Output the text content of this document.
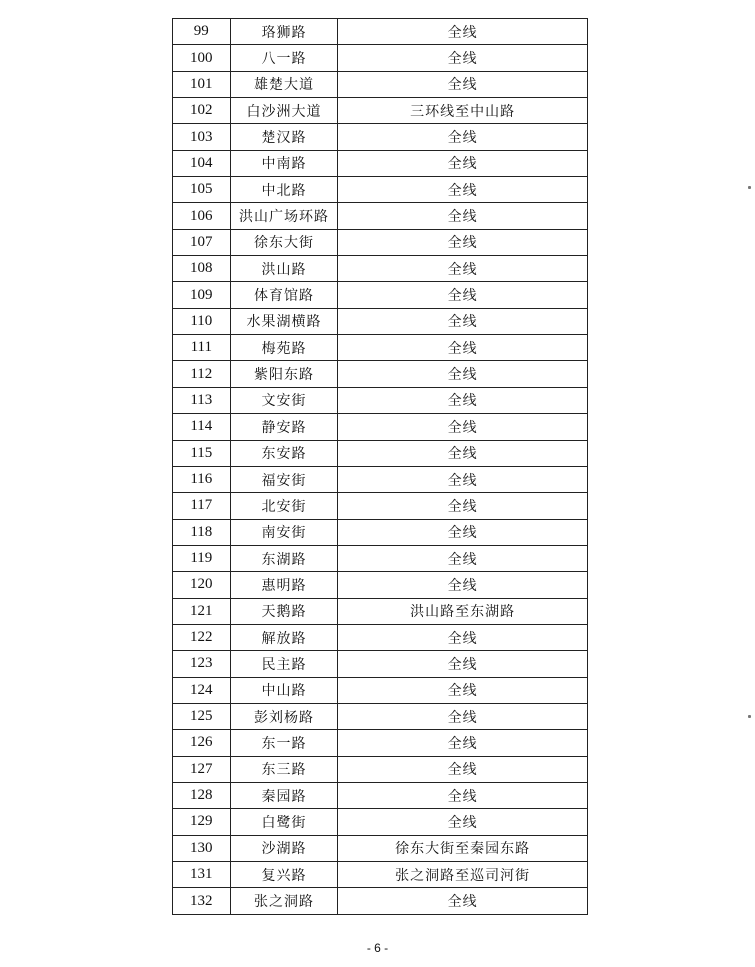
99	珞狮路	全线
100	八一路	全线
101	雄楚大道	全线
102	白沙洲大道	三环线至中山路
103	楚汉路	全线
104	中南路	全线
105	中北路	全线
106	洪山广场环路	全线
107	徐东大街	全线
108	洪山路	全线
109	体育馆路	全线
110	水果湖横路	全线
111	梅苑路	全线
112	紫阳东路	全线
113	文安街	全线
114	静安路	全线
115	东安路	全线
116	福安街	全线
117	北安街	全线
118	南安街	全线
119	东湖路	全线
120	惠明路	全线
121	天鹅路	洪山路至东湖路
122	解放路	全线
123	民主路	全线
124	中山路	全线
125	彭刘杨路	全线
126	东一路	全线
127	东三路	全线
128	秦园路	全线
129	白鹭街	全线
130	沙湖路	徐东大街至秦园东路
131	复兴路	张之洞路至巡司河街
132	张之洞路	全线
- 6 -
